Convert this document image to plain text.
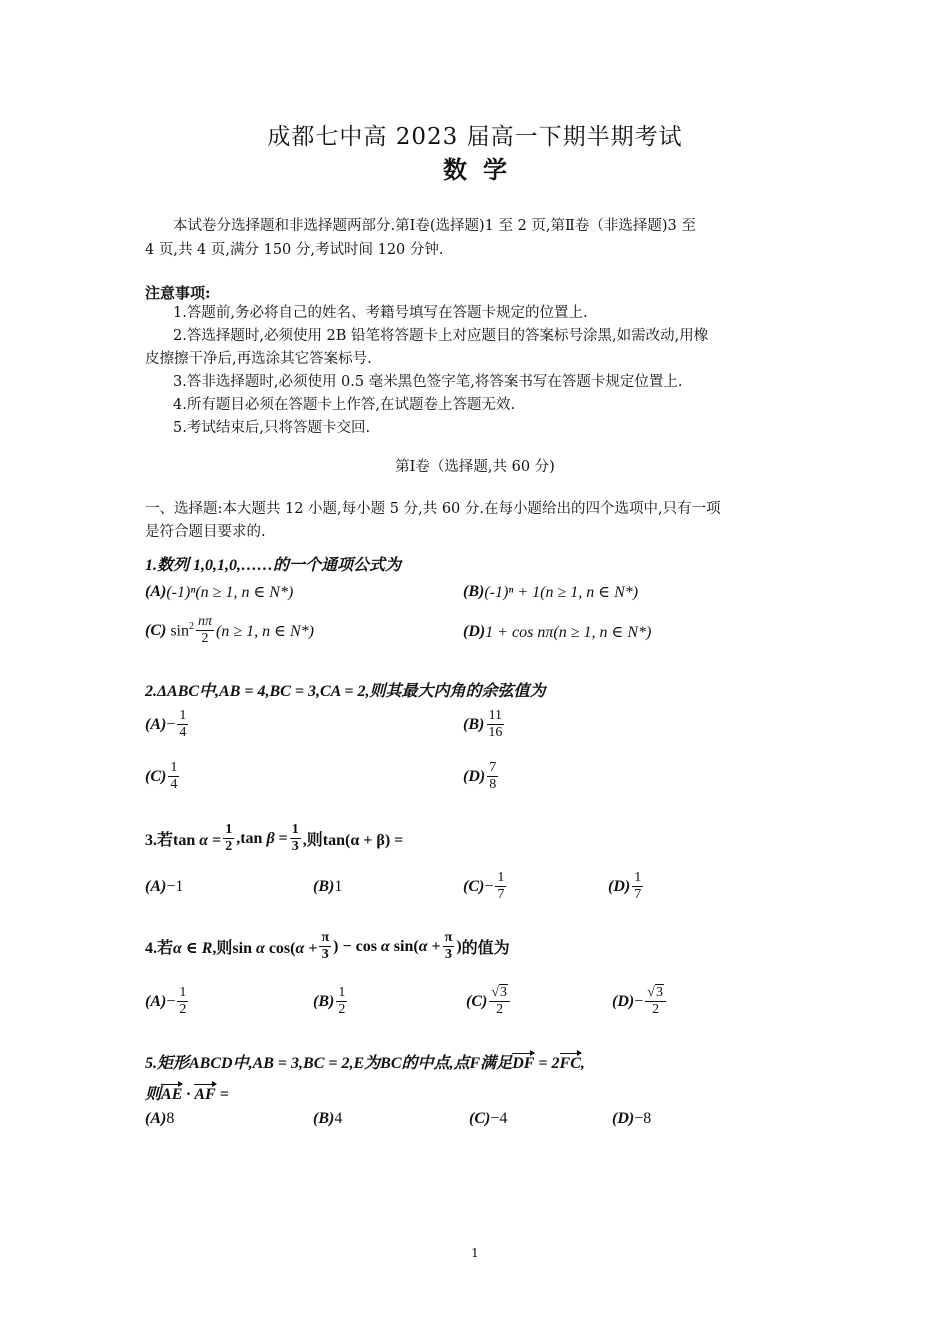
成都七中高 2023 届高一下期半期考试
数学
本试卷分选择题和非选择题两部分.第Ⅰ卷(选择题)1 至 2 页,第Ⅱ卷（非选择题)3 至
4 页,共 4 页,满分 150 分,考试时间 120 分钟.
注意事项:
1.答题前,务必将自己的姓名、考籍号填写在答题卡规定的位置上.
2.答选择题时,必须使用 2B 铅笔将答题卡上对应题目的答案标号涂黑,如需改动,用橡
皮擦擦干净后,再选涂其它答案标号.
3.答非选择题时,必须使用 0.5 毫米黑色签字笔,将答案书写在答题卡规定位置上.
4.所有题目必须在答题卡上作答,在试题卷上答题无效.
5.考试结束后,只将答题卡交回.
第Ⅰ卷（选择题,共 60 分)
一、选择题:本大题共 12 小题,每小题 5 分,共 60 分.在每小题给出的四个选项中,只有一项
是符合题目要求的.
1.数列 1,0,1,0,……的一个通项公式为
(A) (-1)ⁿ(n ≥ 1, n ∈ N*)	(B) (-1)ⁿ + 1(n ≥ 1, n ∈ N*)
(C) $\sin^2 \frac{n\pi}{2} (n \ge 1$, n ∈ N*)	(D) 1 + cos nπ(n ≥ 1, n ∈ N*)
2.ΔABC中,AB = 4,BC = 3,CA = 2,则其最大内角的余弦值为
$(A) - \frac{1}{4}$	$(B) \frac{11}{16}$
$(C) \frac{1}{4}$	$(D) \frac{7}{8}$
3.若$\tan \alpha = \frac{1}{2} ,\tan$ $\beta = \frac{1}{3}$ ,则tan(α + β) =
(A) −1	(B) 1	$(C) - \frac{1}{7}$	$(D) \frac{1}{7}$
4.若α ∈ R,则sin α $\cos(\alpha + \frac{\pi}{3}$ ) − cos α $\sin(\alpha + \frac{\pi}{3}$ ) 的值为
$(A) - \frac{1}{2}$	$(B) \frac{1}{2}$	$(C) \frac{√3}{2}$	$(D) - \frac{√3}{2}$
5.矩形ABCD中,AB = 3,BC = 2,E为BC的中点,点F满足DF = 2FC,
则AE · AF =
(A) 8	(B) 4	(C) −4	(D) −8
1
